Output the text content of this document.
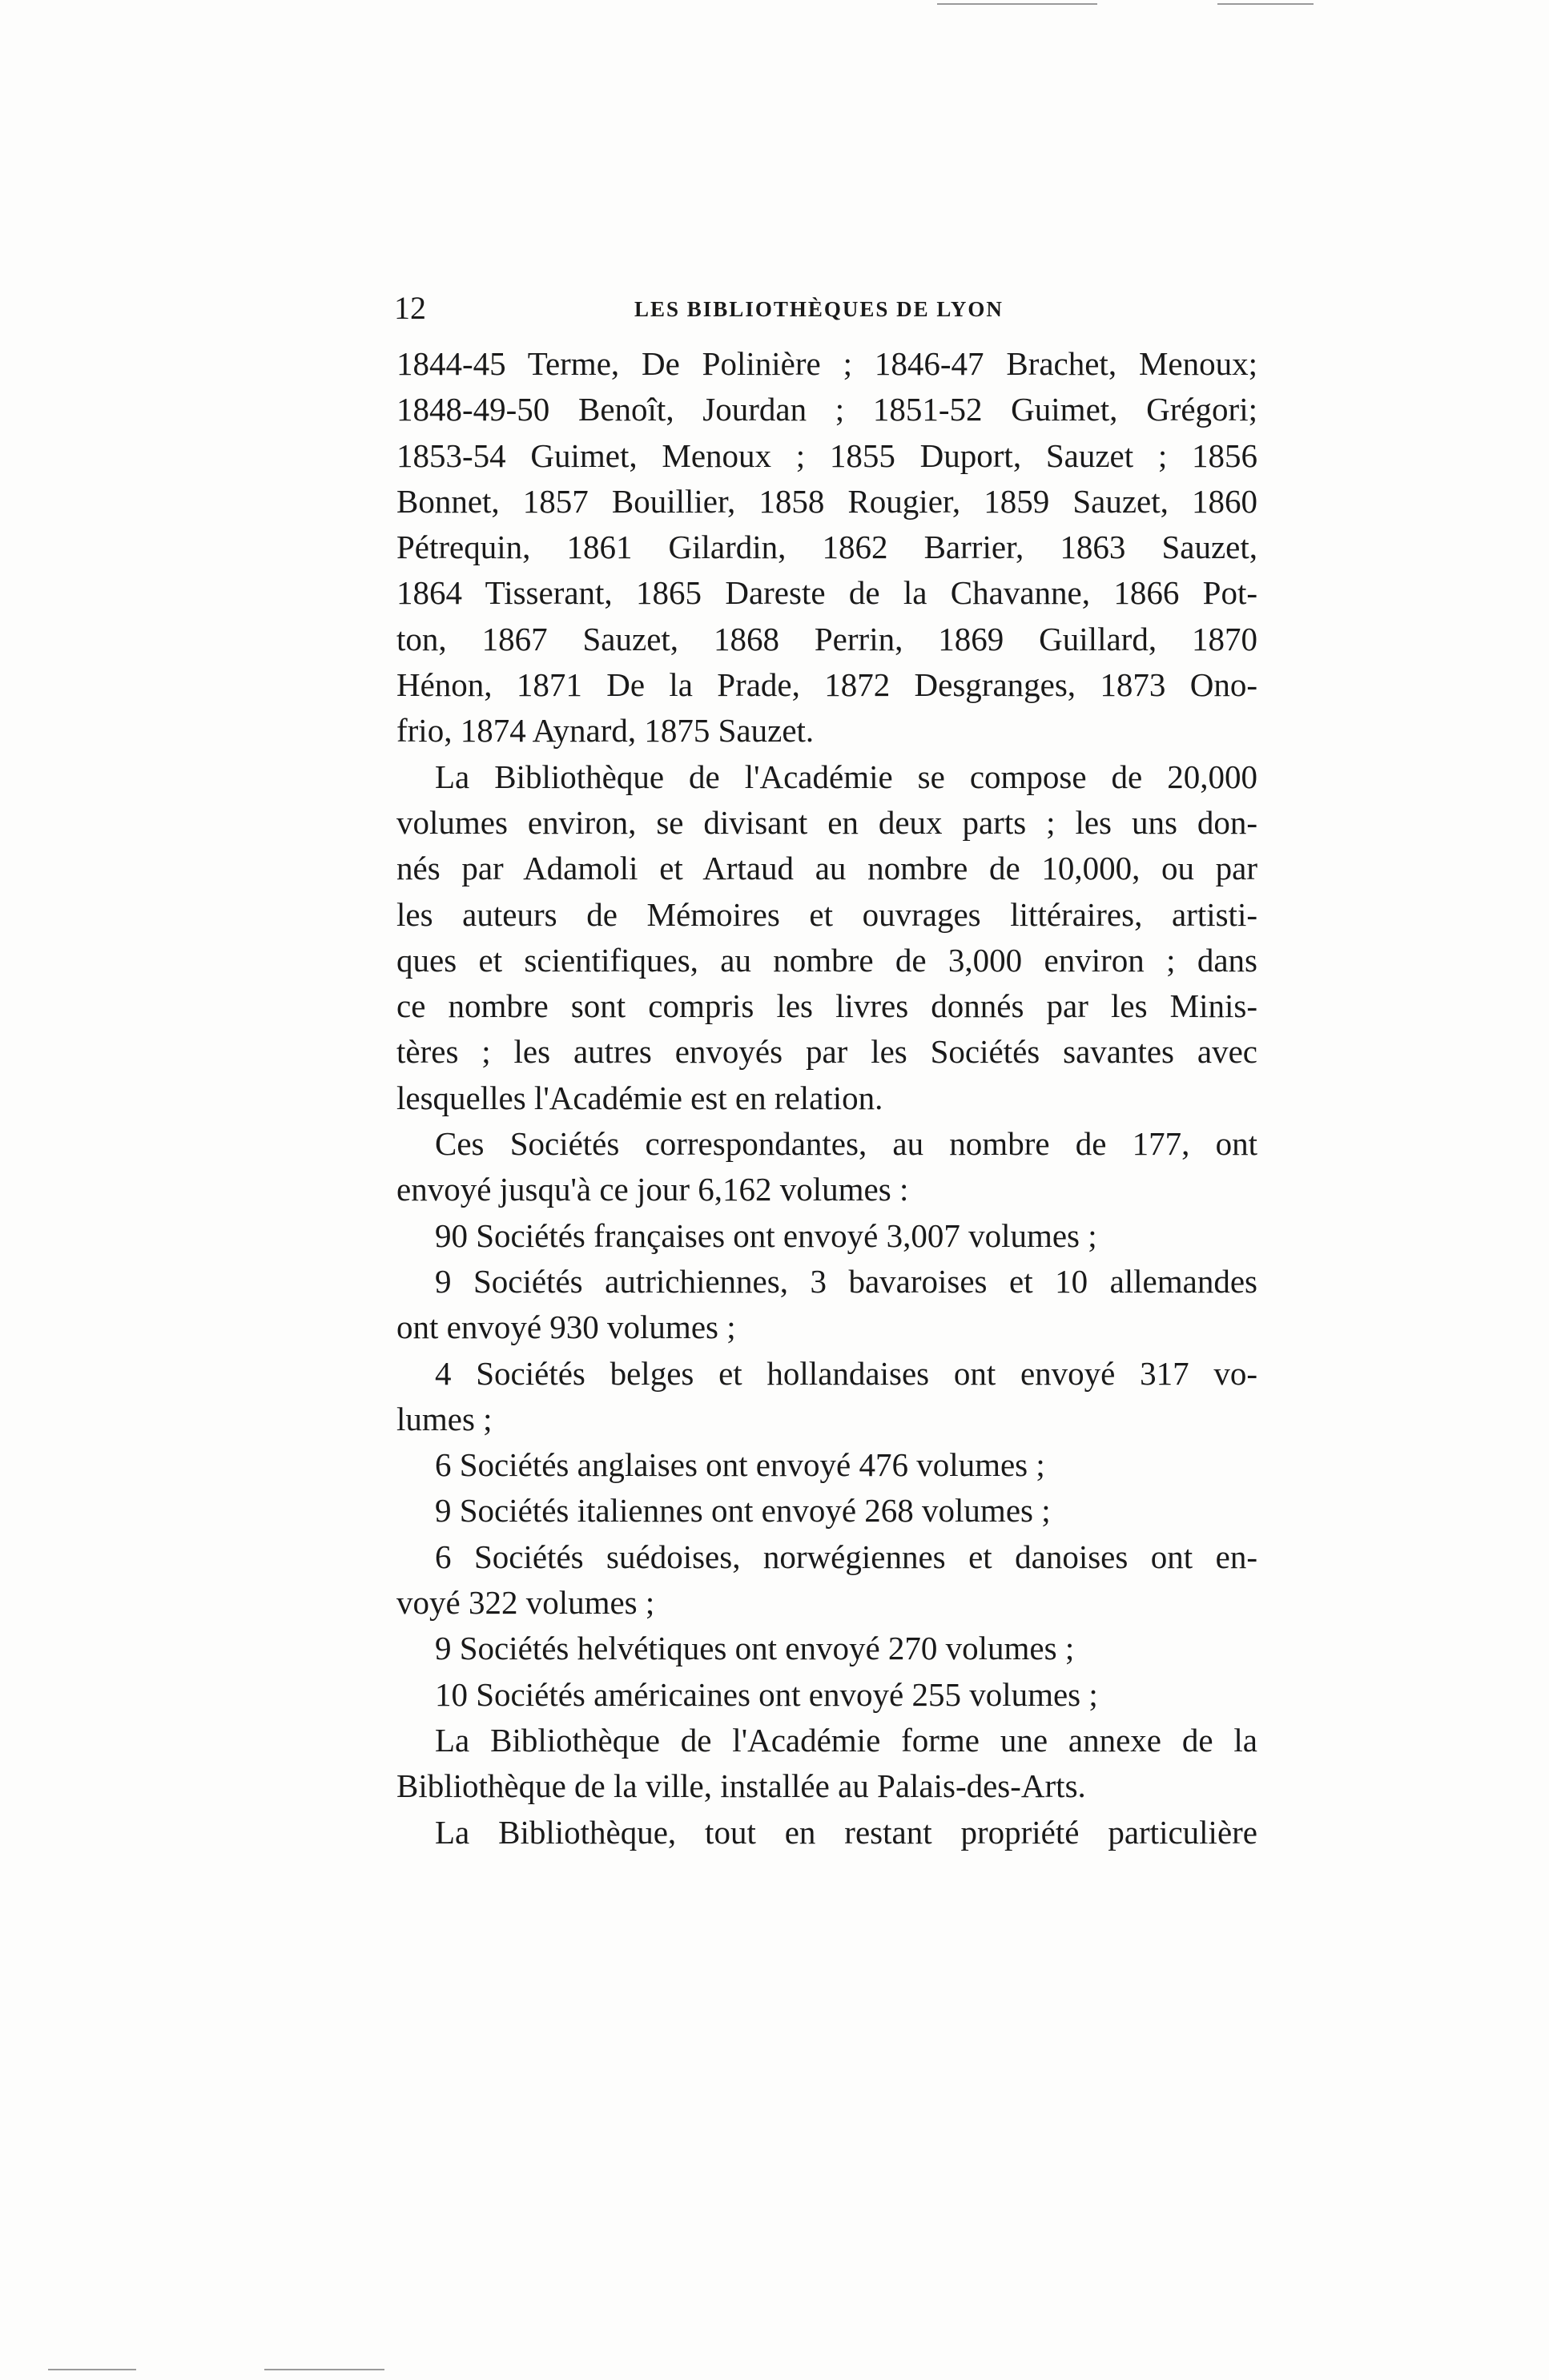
12	LES BIBLIOTHÈQUES DE LYON
1844-45 Terme, De Polinière ; 1846-47 Brachet, Menoux;
1848-49-50 Benoît, Jourdan ; 1851-52 Guimet, Grégori;
1853-54 Guimet, Menoux ; 1855 Duport, Sauzet ; 1856
Bonnet, 1857 Bouillier, 1858 Rougier, 1859 Sauzet, 1860
Pétrequin, 1861 Gilardin, 1862 Barrier, 1863 Sauzet,
1864 Tisserant, 1865 Dareste de la Chavanne, 1866 Pot-
ton, 1867 Sauzet, 1868 Perrin, 1869 Guillard, 1870
Hénon, 1871 De la Prade, 1872 Desgranges, 1873 Ono-
frio, 1874 Aynard, 1875 Sauzet.
La Bibliothèque de l'Académie se compose de 20,000
volumes environ, se divisant en deux parts ; les uns don-
nés par Adamoli et Artaud au nombre de 10,000, ou par
les auteurs de Mémoires et ouvrages littéraires, artisti-
ques et scientifiques, au nombre de 3,000 environ ; dans
ce nombre sont compris les livres donnés par les Minis-
tères ; les autres envoyés par les Sociétés savantes avec
lesquelles l'Académie est en relation.
Ces Sociétés correspondantes, au nombre de 177, ont
envoyé jusqu'à ce jour 6,162 volumes :
90 Sociétés françaises ont envoyé 3,007 volumes ;
9 Sociétés autrichiennes, 3 bavaroises et 10 allemandes
ont envoyé 930 volumes ;
4 Sociétés belges et hollandaises ont envoyé 317 vo-
lumes ;
6 Sociétés anglaises ont envoyé 476 volumes ;
9 Sociétés italiennes ont envoyé 268 volumes ;
6 Sociétés suédoises, norwégiennes et danoises ont en-
voyé 322 volumes ;
9 Sociétés helvétiques ont envoyé 270 volumes ;
10 Sociétés américaines ont envoyé 255 volumes ;
La Bibliothèque de l'Académie forme une annexe de la
Bibliothèque de la ville, installée au Palais-des-Arts.
La Bibliothèque, tout en restant propriété particulière
